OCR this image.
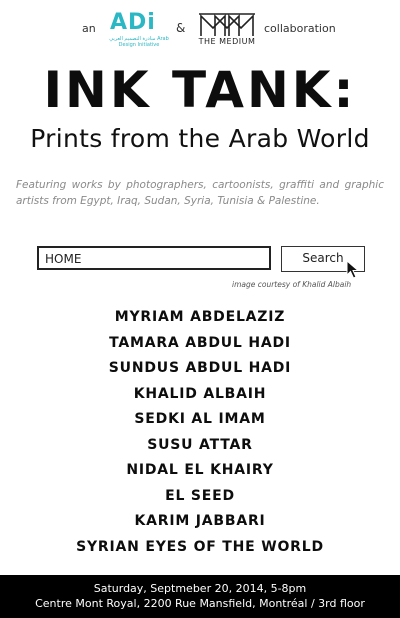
an ADi
مبادرة التصميم العربي Arab Design Initiative
&
THE MEDIUM
collaboration
INK TANK:
Prints from the Arab World
Featuring works by photographers, cartoonists, graffiti and graphic artists from Egypt, Iraq, Sudan, Syria, Tunisia & Palestine.
HOME	Search
image courtesy of Khalid Albaih
MYRIAM ABDELAZIZ
TAMARA ABDUL HADI
SUNDUS ABDUL HADI
KHALID ALBAIH
SEDKI AL IMAM
SUSU ATTAR
NIDAL EL KHAIRY
EL SEED
KARIM JABBARI
SYRIAN EYES OF THE WORLD
Saturday, Septmeber 20, 2014, 5-8pm
Centre Mont Royal, 2200 Rue Mansfield, Montréal / 3rd floor
